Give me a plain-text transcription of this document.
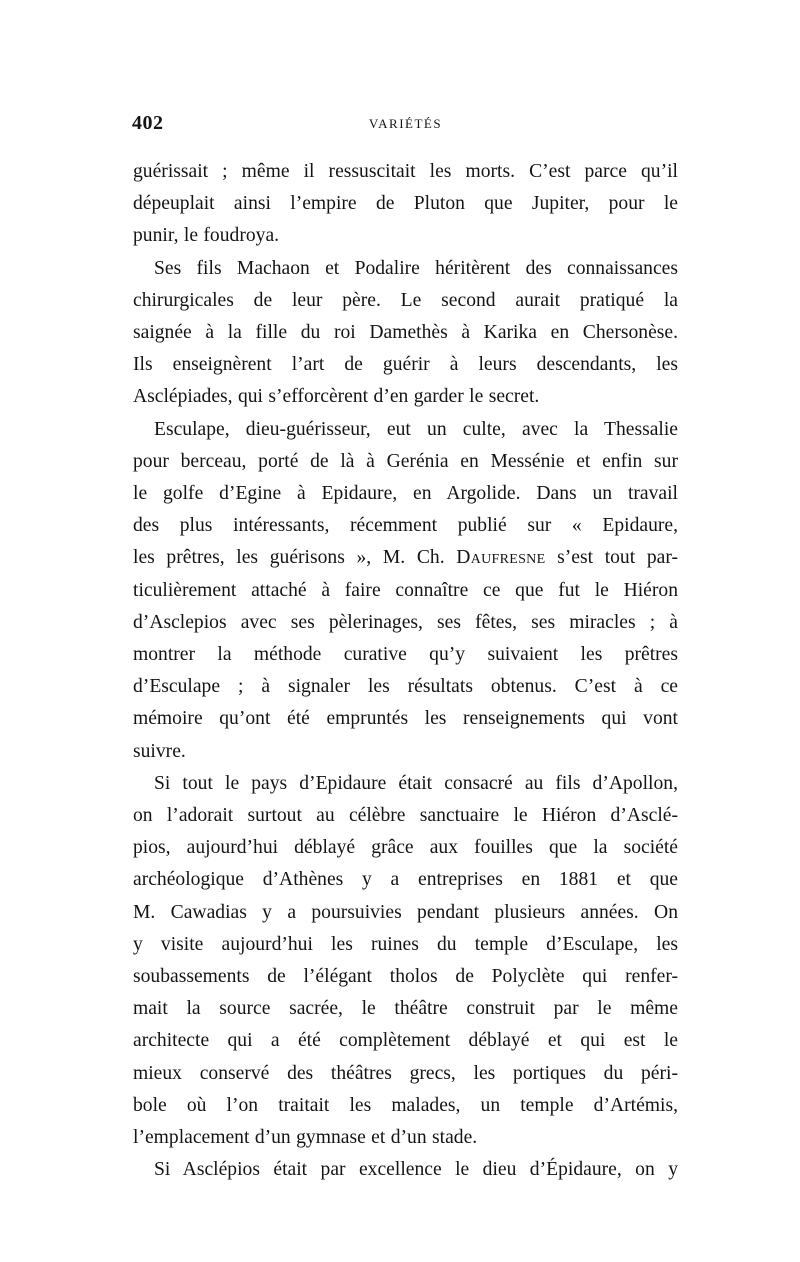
402	VARIÉTÉS
guérissait ; même il ressuscitait les morts. C’est parce qu’il
dépeuplait ainsi l’empire de Pluton que Jupiter, pour le
punir, le foudroya.
Ses fils Machaon et Podalire héritèrent des connaissances
chirurgicales de leur père. Le second aurait pratiqué la
saignée à la fille du roi Damethès à Karika en Chersonèse.
Ils enseignèrent l’art de guérir à leurs descendants, les
Asclépiades, qui s’efforcèrent d’en garder le secret.
Esculape, dieu-guérisseur, eut un culte, avec la Thessalie
pour berceau, porté de là à Gerénia en Messénie et enfin sur
le golfe d’Egine à Epidaure, en Argolide. Dans un travail
des plus intéressants, récemment publié sur « Epidaure,
les prêtres, les guérisons », M. Ch. Daufresne s’est tout par-
ticulièrement attaché à faire connaître ce que fut le Hiéron
d’Asclepios avec ses pèlerinages, ses fêtes, ses miracles ; à
montrer la méthode curative qu’y suivaient les prêtres
d’Esculape ; à signaler les résultats obtenus. C’est à ce
mémoire qu’ont été empruntés les renseignements qui vont
suivre.
Si tout le pays d’Epidaure était consacré au fils d’Apollon,
on l’adorait surtout au célèbre sanctuaire le Hiéron d’Asclé-
pios, aujourd’hui déblayé grâce aux fouilles que la société
archéologique d’Athènes y a entreprises en 1881 et que
M. Cawadias y a poursuivies pendant plusieurs années. On
y visite aujourd’hui les ruines du temple d’Esculape, les
soubassements de l’élégant tholos de Polyclète qui renfer-
mait la source sacrée, le théâtre construit par le même
architecte qui a été complètement déblayé et qui est le
mieux conservé des théâtres grecs, les portiques du péri-
bole où l’on traitait les malades, un temple d’Artémis,
l’emplacement d’un gymnase et d’un stade.
Si Asclépios était par excellence le dieu d’Épidaure, on y
